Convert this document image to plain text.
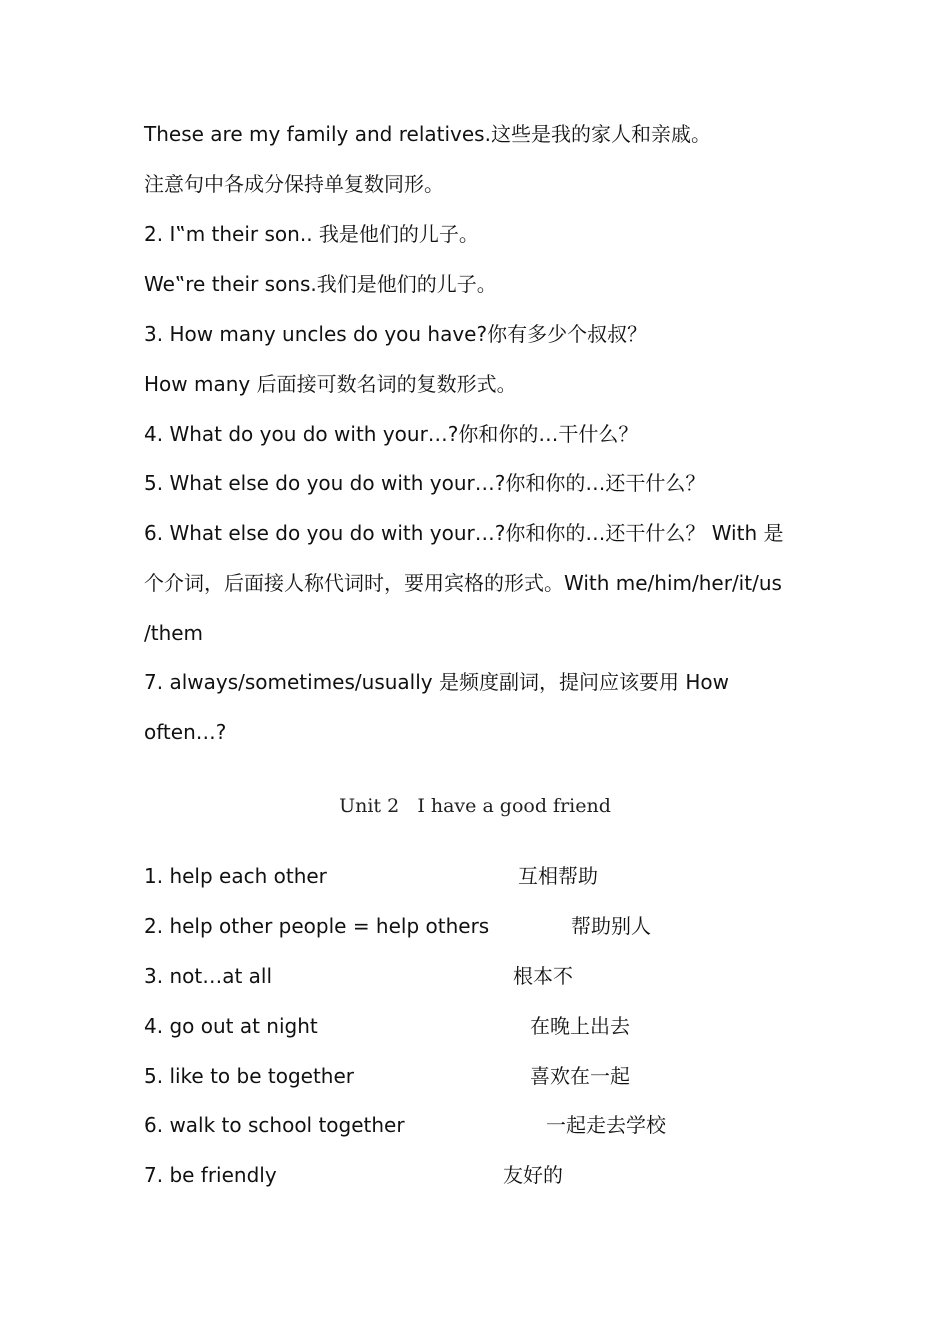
These are my family and relatives.这些是我的家人和亲戚。
注意句中各成分保持单复数同形。
2. I‟m their son.. 我是他们的儿子。
We‟re their sons.我们是他们的儿子。
3. How many uncles do you have?你有多少个叔叔？
How many 后面接可数名词的复数形式。
4. What do you do with your…?你和你的…干什么？
5. What else do you do with your…?你和你的…还干什么？
6. What else do you do with your…?你和你的…还干什么？ With 是
个介词，后面接人称代词时，要用宾格的形式。With me/him/her/it/us
/them
7. always/sometimes/usually 是频度副词，提问应该要用 How
often…?
Unit 2   I have a good friend
1. help each other	互相帮助
2. help other people = help others	帮助别人
3. not…at all	根本不
4. go out at night	在晚上出去
5. like to be together	喜欢在一起
6. walk to school together	一起走去学校
7. be friendly	友好的
